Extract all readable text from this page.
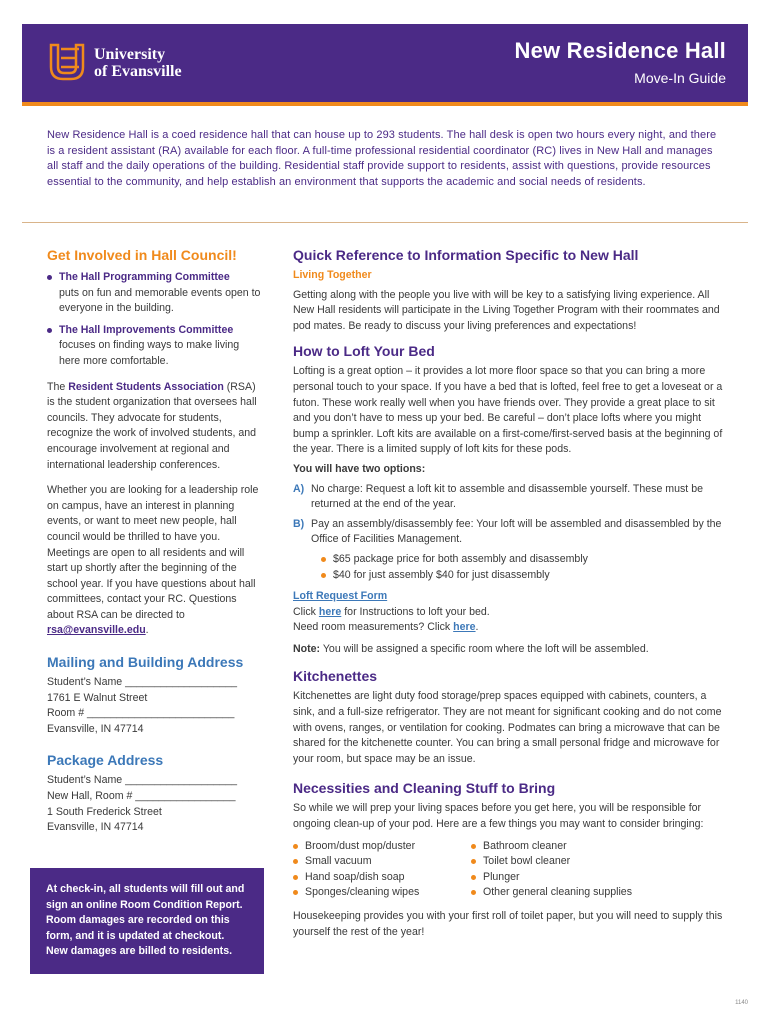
University
of Evansville
New Residence Hall
Move-In Guide
New Residence Hall is a coed residence hall that can house up to 293 students. The hall desk is open two hours every night, and there is a resident assistant (RA) available for each floor. A full-time professional residential coordinator (RC) lives in New Hall and manages all staff and the daily operations of the building. Residential staff provide support to residents, assist with questions, provide resources essential to the community, and help establish an environment that supports the academic and social needs of residents.
Get Involved in Hall Council!
The Hall Programming Committee
puts on fun and memorable events open to everyone in the building.
The Hall Improvements Committee
focuses on finding ways to make living here more comfortable.

The Resident Students Association (RSA) is the student organization that oversees hall councils. They advocate for students, recognize the work of involved students, and encourage involvement at regional and international leadership conferences.

Whether you are looking for a leadership role on campus, have an interest in planning events, or want to meet new people, hall council would be thrilled to have you. Meetings are open to all residents and will start up shortly after the beginning of the school year. If you have questions about hall committees, contact your RC. Questions about RSA can be directed to rsa@evansville.edu.

Mailing and Building Address
Student’s Name ___________________
1761 E Walnut Street
Room # _________________________
Evansville, IN 47714
Package Address
Student’s Name ___________________
New Hall, Room # _________________
1 South Frederick Street
Evansville, IN 47714
At check-in, all students will fill out and sign an online Room Condition Report. Room damages are recorded on this form, and it is updated at checkout. New damages are billed to residents.
Quick Reference to Information Specific to New Hall
Living Together

Getting along with the people you live with will be key to a satisfying living experience. All New Hall residents will participate in the Living Together Program with their roommates and pod mates. Be ready to discuss your living preferences and expectations!

How to Loft Your Bed

Lofting is a great option – it provides a lot more floor space so that you can bring a more personal touch to your space. If you have a bed that is lofted, feel free to get a loveseat or a futon. These work really well when you have friends over. They provide a great place to sit and you don’t have to mess up your bed. Be careful – don’t place lofts where you might bump a sprinkler. Loft kits are available on a first-come/first-served basis at the beginning of the year. There is a limited supply of loft kits for these pods.

You will have two options:
A) No charge: Request a loft kit to assemble and disassemble yourself. These must be returned at the end of the year.
B) Pay an assembly/disassembly fee: Your loft will be assembled and disassembled by the Office of Facilities Management.
$65 package price for both assembly and disassembly
$40 for just assembly $40 for just disassembly
Loft Request Form
Click here for Instructions to loft your bed.
Need room measurements? Click here.

Note: You will be assigned a specific room where the loft will be assembled.

Kitchenettes

Kitchenettes are light duty food storage/prep spaces equipped with cabinets, counters, a sink, and a full-size refrigerator. They are not meant for significant cooking and do not come with ovens, ranges, or ventilation for cooking. Podmates can bring a microwave that can be shared for the kitchenette counter. You can bring a small personal fridge and microwave for your room, but space may be an issue.

Necessities and Cleaning Stuff to Bring

So while we will prep your living spaces before you get here, you will be responsible for ongoing clean-up of your pod. Here are a few things you may want to consider bringing:

Broom/dust mop/duster
Small vacuum
Hand soap/dish soap
Sponges/cleaning wipes
Bathroom cleaner
Toilet bowl cleaner
Plunger
Other general cleaning supplies

Housekeeping provides you with your first roll of toilet paper, but you will need to supply this yourself the rest of the year!

1140
